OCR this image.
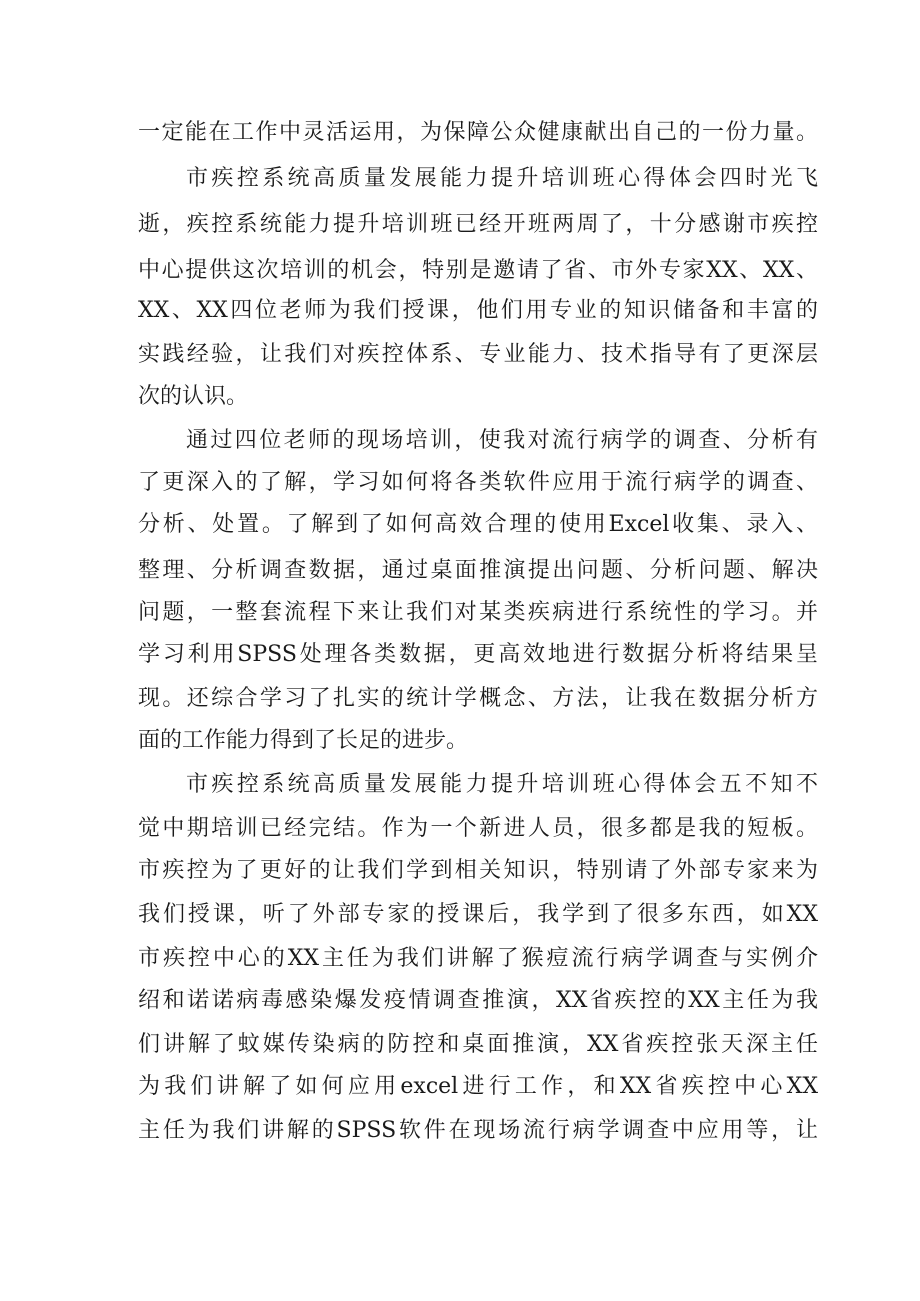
一定能在工作中灵活运用，为保障公众健康献出自己的一份力量。
市疾控系统高质量发展能力提升培训班心得体会四时光飞
逝，疾控系统能力提升培训班已经开班两周了，十分感谢市疾控
中心提供这次培训的机会，特别是邀请了省、市外专家XX、XX、
XX、XX四位老师为我们授课，他们用专业的知识储备和丰富的
实践经验，让我们对疾控体系、专业能力、技术指导有了更深层
次的认识。
通过四位老师的现场培训，使我对流行病学的调查、分析有
了更深入的了解，学习如何将各类软件应用于流行病学的调查、
分析、处置。了解到了如何高效合理的使用Excel收集、录入、
整理、分析调查数据，通过桌面推演提出问题、分析问题、解决
问题，一整套流程下来让我们对某类疾病进行系统性的学习。并
学习利用SPSS处理各类数据，更高效地进行数据分析将结果呈
现。还综合学习了扎实的统计学概念、方法，让我在数据分析方
面的工作能力得到了长足的进步。
市疾控系统高质量发展能力提升培训班心得体会五不知不
觉中期培训已经完结。作为一个新进人员，很多都是我的短板。
市疾控为了更好的让我们学到相关知识，特别请了外部专家来为
我们授课，听了外部专家的授课后，我学到了很多东西，如XX
市疾控中心的XX主任为我们讲解了猴痘流行病学调查与实例介
绍和诺诺病毒感染爆发疫情调查推演，XX省疾控的XX主任为我
们讲解了蚊媒传染病的防控和桌面推演，XX省疾控张天深主任
为我们讲解了如何应用excel进行工作，和XX省疾控中心XX
主任为我们讲解的SPSS软件在现场流行病学调查中应用等，让
